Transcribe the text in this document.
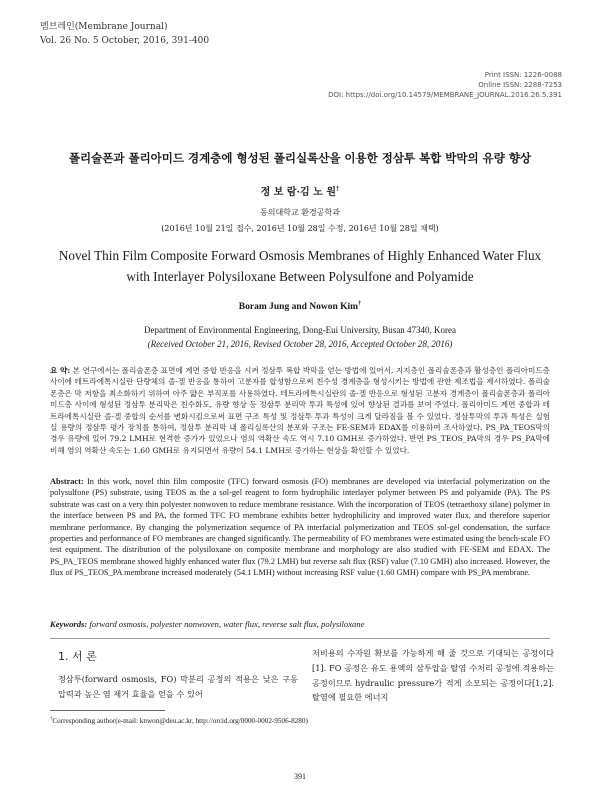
멤브레인(Membrane Journal)
Vol. 26 No. 5 October, 2016, 391-400
Print ISSN: 1226-0088
Online ISSN: 2288-7253
DOI: https://doi.org/10.14579/MEMBRANE_JOURNAL.2016.26.5.391
폴리술폰과 폴리아미드 경계층에 형성된 폴리실록산을 이용한 정삼투 복합 박막의 유량 향상
정 보 람·김 노 원†
동의대학교 환경공학과
(2016년 10월 21일 접수, 2016년 10월 28일 수정, 2016년 10월 28일 채택)
Novel Thin Film Composite Forward Osmosis Membranes of Highly Enhanced Water Flux
with Interlayer Polysiloxane Between Polysulfone and Polyamide
Boram Jung and Nowon Kim†
Department of Environmental Engineering, Dong-Eui University, Busan 47340, Korea
(Received October 21, 2016, Revised October 28, 2016, Accepted October 28, 2016)
요 약: 본 연구에서는 폴리술폰층 표면에 계면 중합 반응을 시켜 정삼투 복합 박막을 얻는 방법에 있어서, 지지층인 폴리술폰층과 활성층인 폴리아미드층 사이에 테트라에톡시실란 단량체의 졸-겔 반응을 통하여 고분자를 합성함으로써 친수성 경계층을 형성시키는 방법에 관한 제조법을 제시하였다. 폴리술폰층은 막 저항을 최소화하기 위하여 아주 얇은 부직포를 사용하였다. 테트라에톡시실란의 졸-겔 반응으로 형성된 고분자 경계층이 폴리술폰층과 폴리아미드층 사이에 형성된 정삼투 분리막은 친수화도, 유량 향상 등 정삼투 분리막 투과 특성에 있어 향상된 결과를 보여 주었다. 폴리아미드 계면 중합과 테트라에톡시실란 졸-겔 중합의 순서를 변화시킴으로써 표면 구조 특성 및 정삼투 투과 특성이 크게 달라짐을 볼 수 있었다. 정삼투막의 투과 특성은 실험실 용량의 정삼투 평가 장치를 통하여, 정삼투 분리막 내 폴리실록산의 분포와 구조는 FE-SEM과 EDAX를 이용하여 조사하였다. PS_PA_TEOS막의 경우 유량에 있어 79.2 LMH로 현격한 증가가 있었으나 염의 역확산 속도 역시 7.10 GMH로 증가하였다. 반면 PS_TEOS_PA막의 경우 PS_PA막에 비해 염의 역확산 속도는 1.60 GMH로 유지되면서 유량이 54.1 LMH로 증가하는 현상을 확인할 수 있었다.
Abstract: In this work, novel thin film composite (TFC) forward osmosis (FO) membranes are developed via interfacial polymerization on the polysulfone (PS) substrate, using TEOS as the a sol-gel reagent to form hydrophilic interlayer polymer between PS and polyamide (PA). The PS substrate was cast on a very thin polyester nonwoven to reduce membrane resistance. With the incorporation of TEOS (tetraethoxy silane) polymer in the interface between PS and PA, the formed TFC FO membrane exhibits better hydrophilicity and improved water flux, and therefore superior membrane performance. By changing the polymerization sequence of PA interfacial polymerization and TEOS sol-gel condensation, the surface properties and performance of FO membranes are changed significantly. The permeability of FO membranes were estimated using the bench-scale FO test equipment. The distribution of the polysiloxane on composite membrane and morphology are also studied with FE-SEM and EDAX. The PS_PA_TEOS membrane showed highly enhanced water flux (79.2 LMH) but reverse salt flux (RSF) value (7.10 GMH) also increased. However, the flux of PS_TEOS_PA membrane increased moderately (54.1 LMH) without increasing RSF value (1.60 GMH) compare with PS_PA membrane.
Keywords: forward osmosis, polyester nonwoven, water flux, reverse salt flux, polysiloxane
1. 서 론
정삼투(forward osmosis, FO) 막분리 공정의 적용은 낮은 구동 압력과 높은 염 제거 효율을 얻을 수 있어
저비용의 수자원 확보를 가능하게 해 줄 것으로 기대되는 공정이다[1]. FO 공정은 유도 용액의 삼투압을 탈염 수처리 공정에 적용하는 공정이므로 hydraulic pressure가 적게 소모되는 공정이다[1,2]. 탈염에 필요한 에너지
†Corresponding author(e-mail: knwon@deu.ac.kr, http://orcid.org/0000-0002-9506-8280)
391
